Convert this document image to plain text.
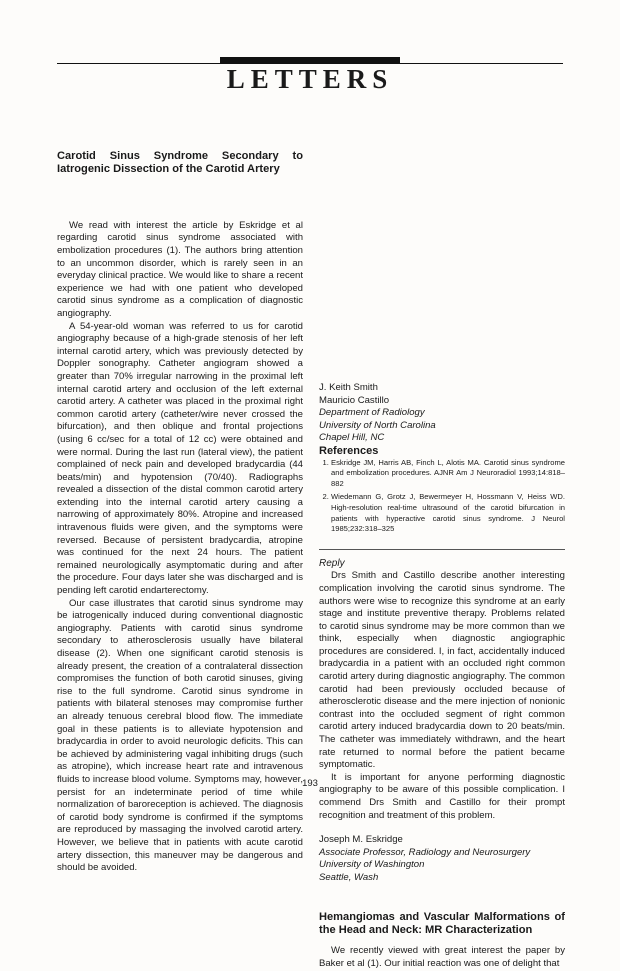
LETTERS

Carotid Sinus Syndrome Secondary to Iatrogenic Dissection of the Carotid Artery

We read with interest the article by Eskridge et al regarding carotid sinus syndrome associated with embolization procedures (1). The authors bring attention to an uncommon disorder, which is rarely seen in an everyday clinical practice. We would like to share a recent experience we had with one patient who developed carotid sinus syndrome as a complication of diagnostic angiography.

A 54-year-old woman was referred to us for carotid angiography because of a high-grade stenosis of her left internal carotid artery, which was previously detected by Doppler sonography. Catheter angiogram showed a greater than 70% irregular narrowing in the proximal left internal carotid artery and occlusion of the left external carotid artery. A catheter was placed in the proximal right common carotid artery (catheter/wire never crossed the bifurcation), and then oblique and frontal projections (using 6 cc/sec for a total of 12 cc) were obtained and were normal. During the last run (lateral view), the patient complained of neck pain and developed bradycardia (44 beats/min) and hypotension (70/40). Radiographs revealed a dissection of the distal common carotid artery extending into the internal carotid artery causing a narrowing of approximately 80%. Atropine and increased intravenous fluids were given, and the symptoms were reversed. Because of persistent bradycardia, atropine was continued for the next 24 hours. The patient remained neurologically asymptomatic during and after the procedure. Four days later she was discharged and is pending left carotid endarterectomy.

Our case illustrates that carotid sinus syndrome may be iatrogenically induced during conventional diagnostic angiography. Patients with carotid sinus syndrome secondary to atherosclerosis usually have bilateral disease (2). When one significant carotid stenosis is already present, the creation of a contralateral dissection compromises the function of both carotid sinuses, giving rise to the full syndrome. Carotid sinus syndrome in patients with bilateral stenoses may compromise further an already tenuous cerebral blood flow. The immediate goal in these patients is to alleviate hypotension and bradycardia in order to avoid neurologic deficits. This can be achieved by administering vagal inhibiting drugs (such as atropine), which increase heart rate and intravenous fluids to increase blood volume. Symptoms may, however, persist for an indeterminate period of time while normalization of baroreception is achieved. The diagnosis of carotid body syndrome is confirmed if the symptoms are reproduced by massaging the involved carotid artery. However, we believe that in patients with acute carotid artery dissection, this maneuver may be dangerous and should be avoided.

J. Keith Smith

Mauricio Castillo

Department of Radiology

University of North Carolina

Chapel Hill, NC

References

1. Eskridge JM, Harris AB, Finch L, Alotis MA. Carotid sinus syndrome and embolization procedures. AJNR Am J Neuroradiol 1993;14:818–882
2. Wiedemann G, Grotz J, Bewermeyer H, Hossmann V, Heiss WD. High-resolution real-time ultrasound of the carotid bifurcation in patients with hyperactive carotid sinus syndrome. J Neurol 1985;232:318–325

Reply

Drs Smith and Castillo describe another interesting complication involving the carotid sinus syndrome. The authors were wise to recognize this syndrome at an early stage and institute preventive therapy. Problems related to carotid sinus syndrome may be more common than we think, especially when diagnostic angiographic procedures are considered. I, in fact, accidentally induced bradycardia in a patient with an occluded right common carotid artery during diagnostic angiography. The common carotid had been previously occluded because of atherosclerotic disease and the mere injection of nonionic contrast into the occluded segment of right common carotid artery induced bradycardia down to 20 beats/min. The catheter was immediately withdrawn, and the heart rate returned to normal before the patient became symptomatic.

It is important for anyone performing diagnostic angiography to be aware of this possible complication. I commend Drs Smith and Castillo for their prompt recognition and treatment of this problem.

Joseph M. Eskridge

Associate Professor, Radiology and Neurosurgery

University of Washington

Seattle, Wash

Hemangiomas and Vascular Malformations of the Head and Neck: MR Characterization

We recently viewed with great interest the paper by Baker et al (1). Our initial reaction was one of delight that

193
